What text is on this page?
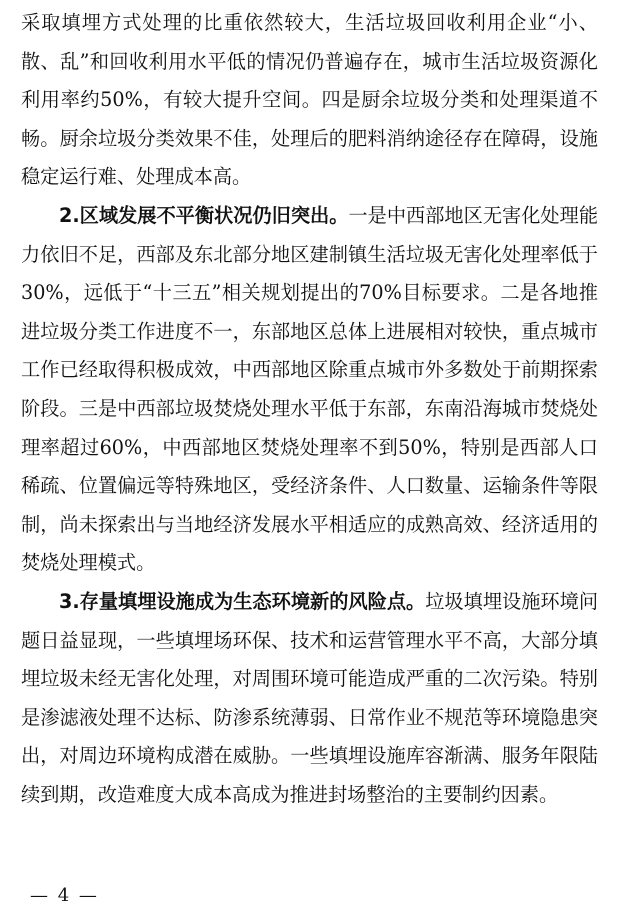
采取填埋方式处理的比重依然较大，生活垃圾回收利用企业“小、散、乱”和回收利用水平低的情况仍普遍存在，城市生活垃圾资源化利用率约50%，有较大提升空间。四是厨余垃圾分类和处理渠道不畅。厨余垃圾分类效果不佳，处理后的肥料消纳途径存在障碍，设施稳定运行难、处理成本高。

2.区域发展不平衡状况仍旧突出。一是中西部地区无害化处理能力依旧不足，西部及东北部分地区建制镇生活垃圾无害化处理率低于30%，远低于“十三五”相关规划提出的70%目标要求。二是各地推进垃圾分类工作进度不一，东部地区总体上进展相对较快，重点城市工作已经取得积极成效，中西部地区除重点城市外多数处于前期探索阶段。三是中西部垃圾焚烧处理水平低于东部，东南沿海城市焚烧处理率超过60%，中西部地区焚烧处理率不到50%，特别是西部人口稀疏、位置偏远等特殊地区，受经济条件、人口数量、运输条件等限制，尚未探索出与当地经济发展水平相适应的成熟高效、经济适用的焚烧处理模式。

3.存量填埋设施成为生态环境新的风险点。垃圾填埋设施环境问题日益显现，一些填埋场环保、技术和运营管理水平不高，大部分填埋垃圾未经无害化处理，对周围环境可能造成严重的二次污染。特别是渗滤液处理不达标、防渗系统薄弱、日常作业不规范等环境隐患突出，对周边环境构成潜在威胁。一些填埋设施库容渐满、服务年限陆续到期，改造难度大成本高成为推进封场整治的主要制约因素。

— 4 —
